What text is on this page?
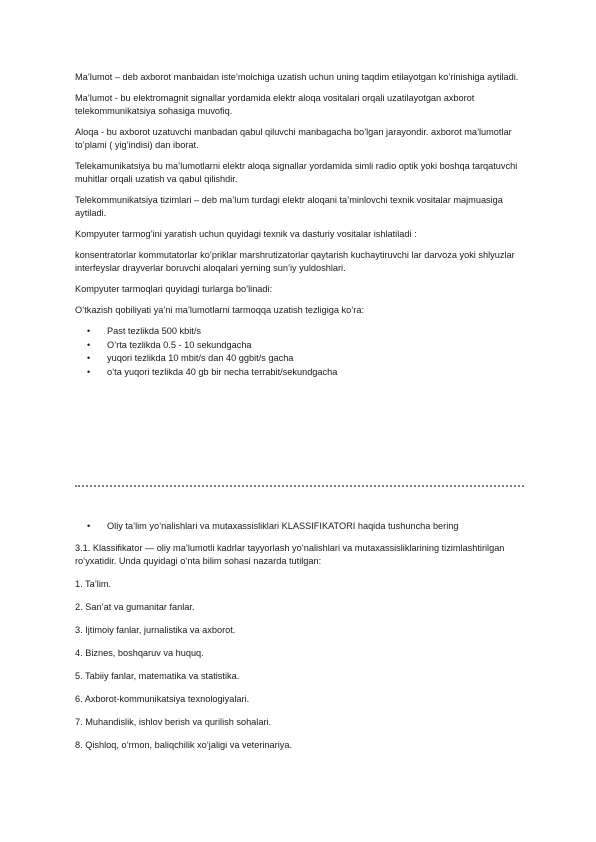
Ma’lumot – deb axborot manbaidan iste’molchiga uzatish uchun uning taqdim etilayotgan ko’rinishiga aytiladi.

Ma’lumot - bu elektromagnit signallar yordamida elektr aloqa vositalari orqali uzatilayotgan axborot telekommunikatsiya sohasiga muvofiq.

Aloqa - bu axborot uzatuvchi manbadan qabul qiluvchi manbagacha bo’lgan jarayondir. axborot ma’lumotlar to’plami ( yig’indisi) dan iborat.

Telekamunikatsiya bu ma’lumotlarni elektr aloqa signallar yordamida simli radio optik yoki boshqa tarqatuvchi muhitlar orqali uzatish va qabul qilishdir.

Telekommunikatsiya tizimlari – deb ma’lum turdagi elektr aloqani ta’minlovchi texnik vositalar majmuasiga aytiladi.

Kompyuter tarmog’ini yaratish uchun quyidagi texnik va dasturiy vositalar ishlatiladi :

konsentratorlar kommutatorlar ko’priklar marshrutizatorlar qaytarish kuchaytiruvchi lar darvoza yoki shlyuzlar interfeyslar drayverlar boruvchi aloqalari yerning sun’iy yuldoshlari.

Kompyuter tarmoqlari quyidagi turlarga bo’linadi:

O’tkazish qobiliyati ya’ni ma’lumotlarni tarmoqqa uzatish tezligiga ko’ra:

• Past tezlikda 500 kbit/s
• O’rta tezlikda 0.5 - 10 sekundgacha
• yuqori tezlikda 10 mbit/s dan 40 ggbit/s gacha
• o’ta yuqori tezlikda 40 gb bir necha terrabit/sekundgacha
• Oliy ta’lim yo’nalishlari va mutaxassisliklari KLASSIFIKATORI haqida tushuncha bering

3.1. Klassifikator — oliy ma’lumotli kadrlar tayyorlash yo‘nalishlari va mutaxassisliklarining tizimlashtirilgan ro‘yxatidir. Unda quyidagi o‘nta bilim sohasi nazarda tutilgan:

1. Ta’lim.

2. San’at va gumanitar fanlar.

3. Ijtimoiy fanlar, jurnalistika va axborot.

4. Biznes, boshqaruv va huquq.

5. Tabiiy fanlar, matematika va statistika.

6. Axborot-kommunikatsiya texnologiyalari.

7. Muhandislik, ishlov berish va qurilish sohalari.

8. Qishloq, o‘rmon, baliqchilik xo‘jaligi va veterinariya.
